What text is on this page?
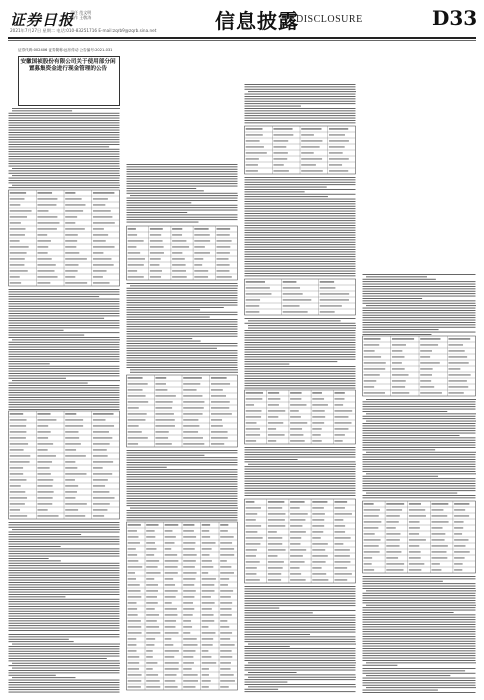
证券日报
责任 范文明
制作 王敬涛
2021年7月27日 星期二 电话:010-83251716 E-mail:zqrb9@zqrb.sina.net	信息披露
DISCLOSURE	D33
证券代码:002406 证券简称:远东传动 公告编号:2021-031
安徽国祯股份有限公司关于使用部分闲置募集资金进行现金管理的公告
